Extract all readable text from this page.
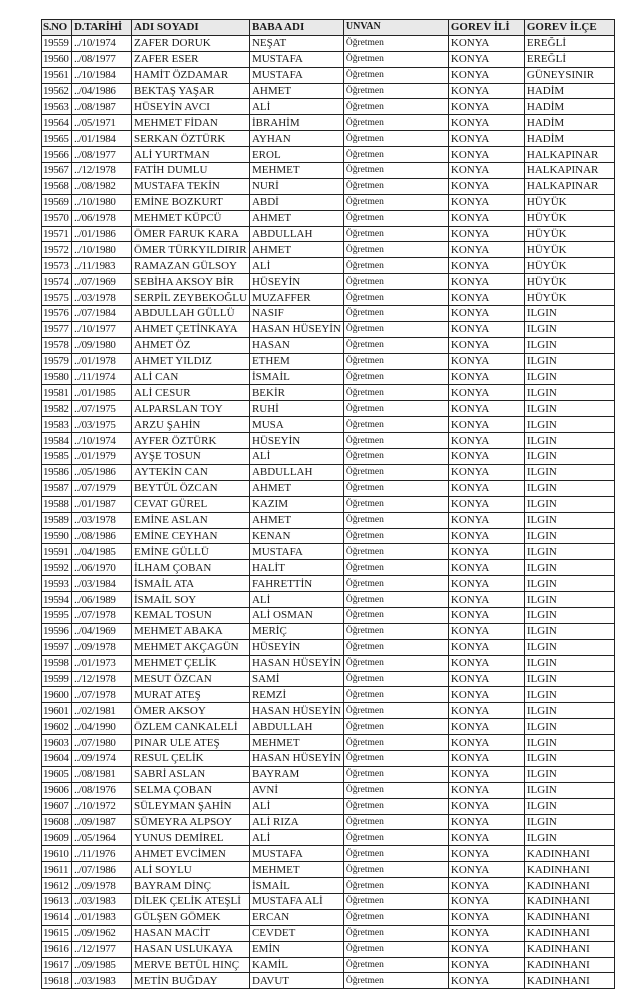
S.NO	D.TARİHİ	ADI SOYADI	BABA ADI	UNVAN	GOREV İLİ	GOREV İLÇE
19559	../10/1974	ZAFER DORUK	NEŞAT	Öğretmen	KONYA	EREĞLİ
19560	../08/1977	ZAFER ESER	MUSTAFA	Öğretmen	KONYA	EREĞLİ
19561	../10/1984	HAMİT ÖZDAMAR	MUSTAFA	Öğretmen	KONYA	GÜNEYSINIR
19562	../04/1986	BEKTAŞ YAŞAR	AHMET	Öğretmen	KONYA	HADİM
19563	../08/1987	HÜSEYİN AVCI	ALİ	Öğretmen	KONYA	HADİM
19564	../05/1971	MEHMET FİDAN	İBRAHİM	Öğretmen	KONYA	HADİM
19565	../01/1984	SERKAN ÖZTÜRK	AYHAN	Öğretmen	KONYA	HADİM
19566	../08/1977	ALİ YURTMAN	EROL	Öğretmen	KONYA	HALKAPINAR
19567	../12/1978	FATİH DUMLU	MEHMET	Öğretmen	KONYA	HALKAPINAR
19568	../08/1982	MUSTAFA TEKİN	NURİ	Öğretmen	KONYA	HALKAPINAR
19569	../10/1980	EMİNE BOZKURT	ABDİ	Öğretmen	KONYA	HÜYÜK
19570	../06/1978	MEHMET KÜPCÜ	AHMET	Öğretmen	KONYA	HÜYÜK
19571	../01/1986	ÖMER FARUK KARA	ABDULLAH	Öğretmen	KONYA	HÜYÜK
19572	../10/1980	ÖMER TÜRKYILDIRIR	AHMET	Öğretmen	KONYA	HÜYÜK
19573	../11/1983	RAMAZAN GÜLSOY	ALİ	Öğretmen	KONYA	HÜYÜK
19574	../07/1969	SEBİHA AKSOY BİR	HÜSEYİN	Öğretmen	KONYA	HÜYÜK
19575	../03/1978	SERPİL ZEYBEKOĞLU	MUZAFFER	Öğretmen	KONYA	HÜYÜK
19576	../07/1984	ABDULLAH GÜLLÜ	NASIF	Öğretmen	KONYA	ILGIN
19577	../10/1977	AHMET ÇETİNKAYA	HASAN HÜSEYİN	Öğretmen	KONYA	ILGIN
19578	../09/1980	AHMET ÖZ	HASAN	Öğretmen	KONYA	ILGIN
19579	../01/1978	AHMET YILDIZ	ETHEM	Öğretmen	KONYA	ILGIN
19580	../11/1974	ALİ CAN	İSMAİL	Öğretmen	KONYA	ILGIN
19581	../01/1985	ALİ CESUR	BEKİR	Öğretmen	KONYA	ILGIN
19582	../07/1975	ALPARSLAN TOY	RUHİ	Öğretmen	KONYA	ILGIN
19583	../03/1975	ARZU ŞAHİN	MUSA	Öğretmen	KONYA	ILGIN
19584	../10/1974	AYFER ÖZTÜRK	HÜSEYİN	Öğretmen	KONYA	ILGIN
19585	../01/1979	AYŞE TOSUN	ALİ	Öğretmen	KONYA	ILGIN
19586	../05/1986	AYTEKİN CAN	ABDULLAH	Öğretmen	KONYA	ILGIN
19587	../07/1979	BEYTÜL ÖZCAN	AHMET	Öğretmen	KONYA	ILGIN
19588	../01/1987	CEVAT GÜREL	KAZIM	Öğretmen	KONYA	ILGIN
19589	../03/1978	EMİNE ASLAN	AHMET	Öğretmen	KONYA	ILGIN
19590	../08/1986	EMİNE CEYHAN	KENAN	Öğretmen	KONYA	ILGIN
19591	../04/1985	EMİNE GÜLLÜ	MUSTAFA	Öğretmen	KONYA	ILGIN
19592	../06/1970	İLHAM ÇOBAN	HALİT	Öğretmen	KONYA	ILGIN
19593	../03/1984	İSMAİL ATA	FAHRETTİN	Öğretmen	KONYA	ILGIN
19594	../06/1989	İSMAİL SOY	ALİ	Öğretmen	KONYA	ILGIN
19595	../07/1978	KEMAL TOSUN	ALİ OSMAN	Öğretmen	KONYA	ILGIN
19596	../04/1969	MEHMET ABAKA	MERİÇ	Öğretmen	KONYA	ILGIN
19597	../09/1978	MEHMET AKÇAGÜN	HÜSEYİN	Öğretmen	KONYA	ILGIN
19598	../01/1973	MEHMET ÇELİK	HASAN HÜSEYİN	Öğretmen	KONYA	ILGIN
19599	../12/1978	MESUT ÖZCAN	SAMİ	Öğretmen	KONYA	ILGIN
19600	../07/1978	MURAT ATEŞ	REMZİ	Öğretmen	KONYA	ILGIN
19601	../02/1981	ÖMER AKSOY	HASAN HÜSEYİN	Öğretmen	KONYA	ILGIN
19602	../04/1990	ÖZLEM CANKALELİ	ABDULLAH	Öğretmen	KONYA	ILGIN
19603	../07/1980	PINAR ULE ATEŞ	MEHMET	Öğretmen	KONYA	ILGIN
19604	../09/1974	RESUL ÇELİK	HASAN HÜSEYİN	Öğretmen	KONYA	ILGIN
19605	../08/1981	SABRİ ASLAN	BAYRAM	Öğretmen	KONYA	ILGIN
19606	../08/1976	SELMA ÇOBAN	AVNİ	Öğretmen	KONYA	ILGIN
19607	../10/1972	SÜLEYMAN ŞAHİN	ALİ	Öğretmen	KONYA	ILGIN
19608	../09/1987	SÜMEYRA ALPSOY	ALİ RIZA	Öğretmen	KONYA	ILGIN
19609	../05/1964	YUNUS DEMİREL	ALİ	Öğretmen	KONYA	ILGIN
19610	../11/1976	AHMET EVCİMEN	MUSTAFA	Öğretmen	KONYA	KADINHANI
19611	../07/1986	ALİ SOYLU	MEHMET	Öğretmen	KONYA	KADINHANI
19612	../09/1978	BAYRAM DİNÇ	İSMAİL	Öğretmen	KONYA	KADINHANI
19613	../03/1983	DİLEK ÇELİK ATEŞLİ	MUSTAFA ALİ	Öğretmen	KONYA	KADINHANI
19614	../01/1983	GÜLŞEN GÖMEK	ERCAN	Öğretmen	KONYA	KADINHANI
19615	../09/1962	HASAN MACİT	CEVDET	Öğretmen	KONYA	KADINHANI
19616	../12/1977	HASAN USLUKAYA	EMİN	Öğretmen	KONYA	KADINHANI
19617	../09/1985	MERVE BETÜL HINÇ	KAMİL	Öğretmen	KONYA	KADINHANI
19618	../03/1983	METİN BUĞDAY	DAVUT	Öğretmen	KONYA	KADINHANI
